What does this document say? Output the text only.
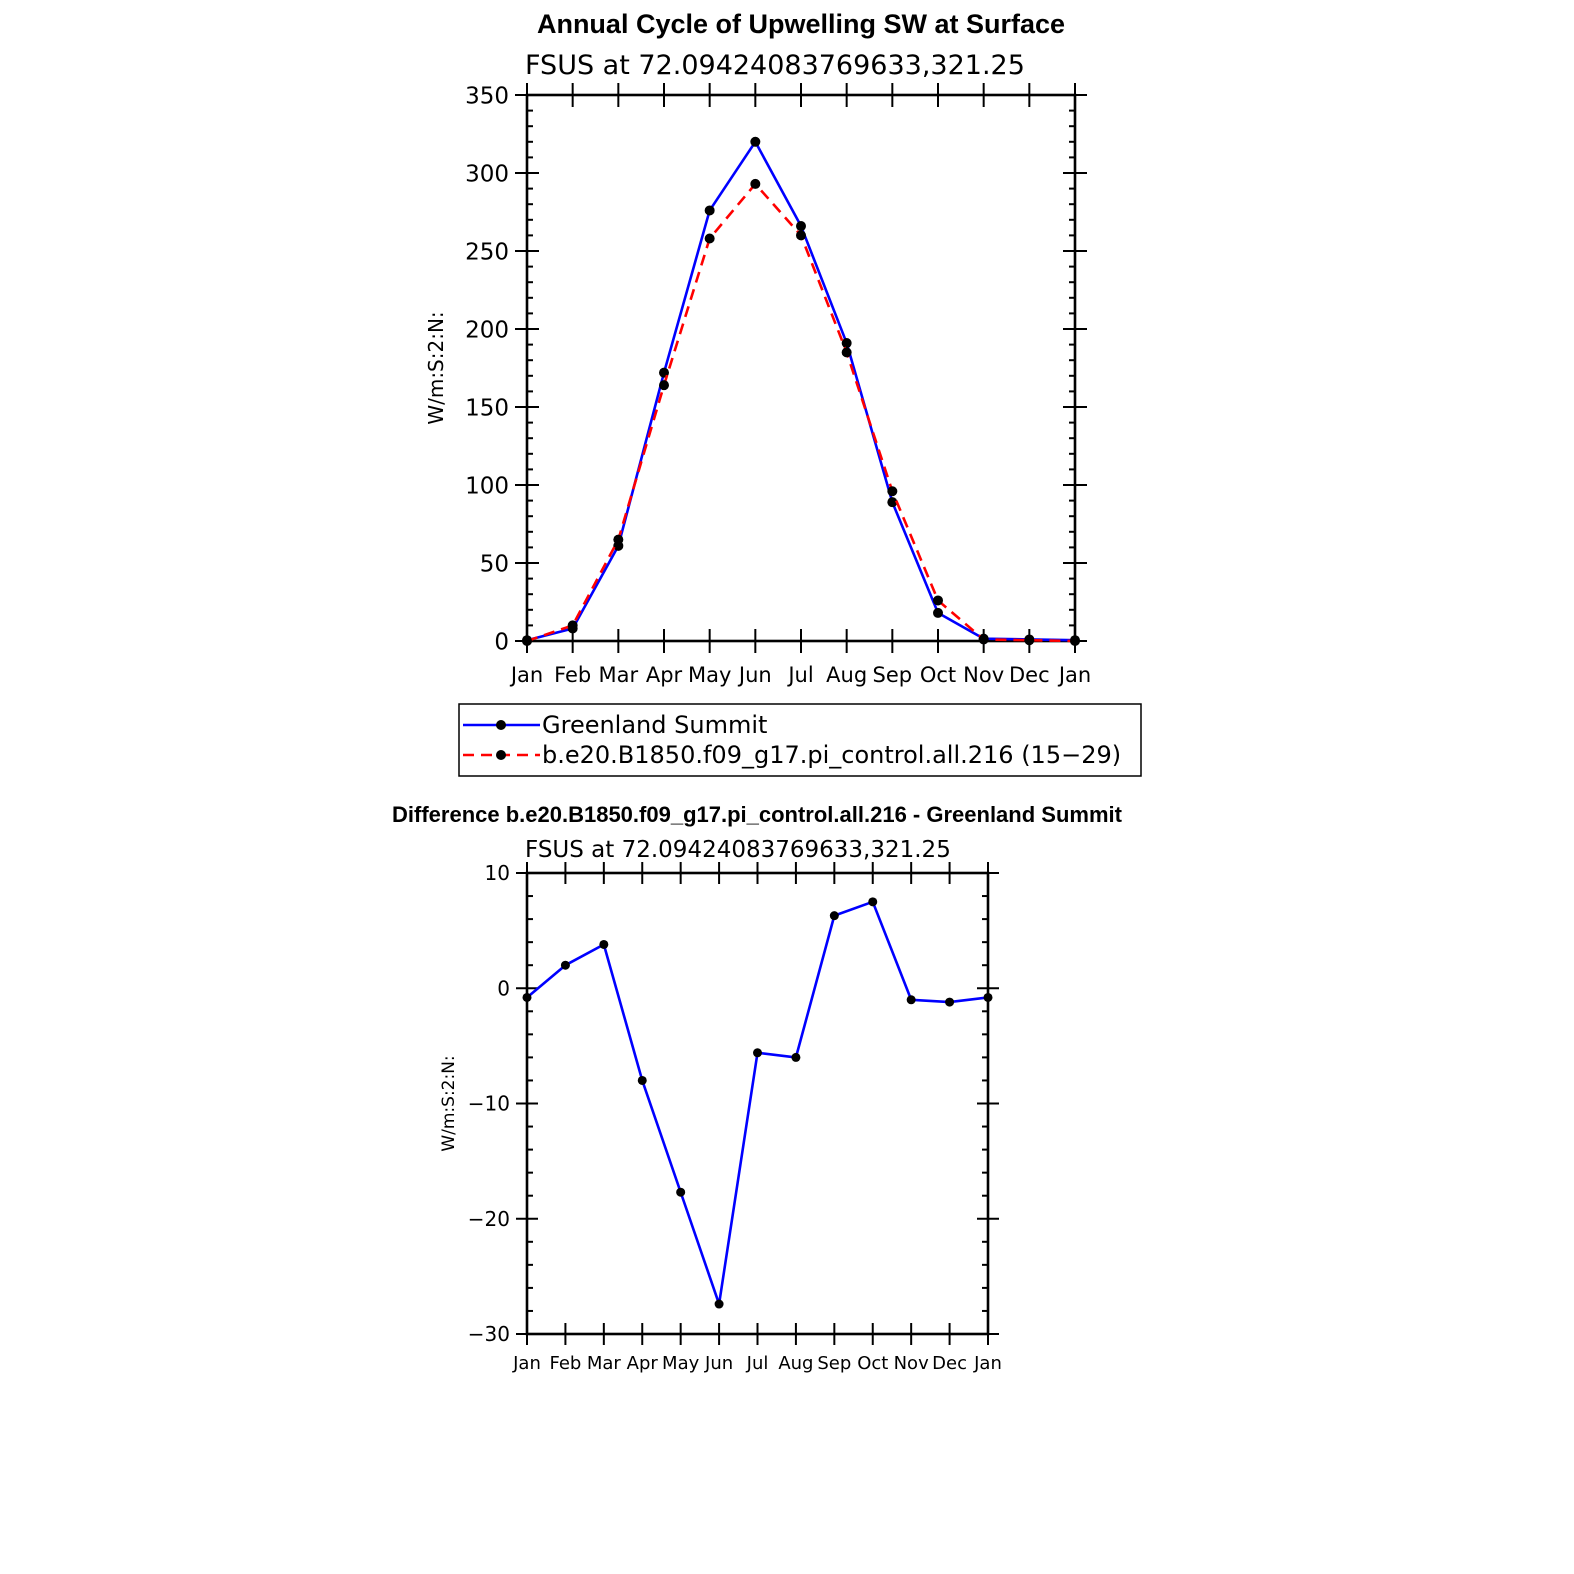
Annual Cycle of Upwelling SW at Surface
FSUS at 72.09424083769633,321.25
0
50
100
150
200
250
300
350
Jan Feb Mar Apr May Jun Jul Aug Sep Oct Nov Dec Jan
W/m:S:2:N:
Greenland Summit
b.e20.B1850.f09_g17.pi_control.all.216 (15−29)
Difference b.e20.B1850.f09_g17.pi_control.all.216 - Greenland Summit
FSUS at 72.09424083769633,321.25
−30
−20
−10
0
10
Jan Feb Mar Apr May Jun Jul Aug Sep Oct Nov Dec Jan
W/m:S:2:N:
